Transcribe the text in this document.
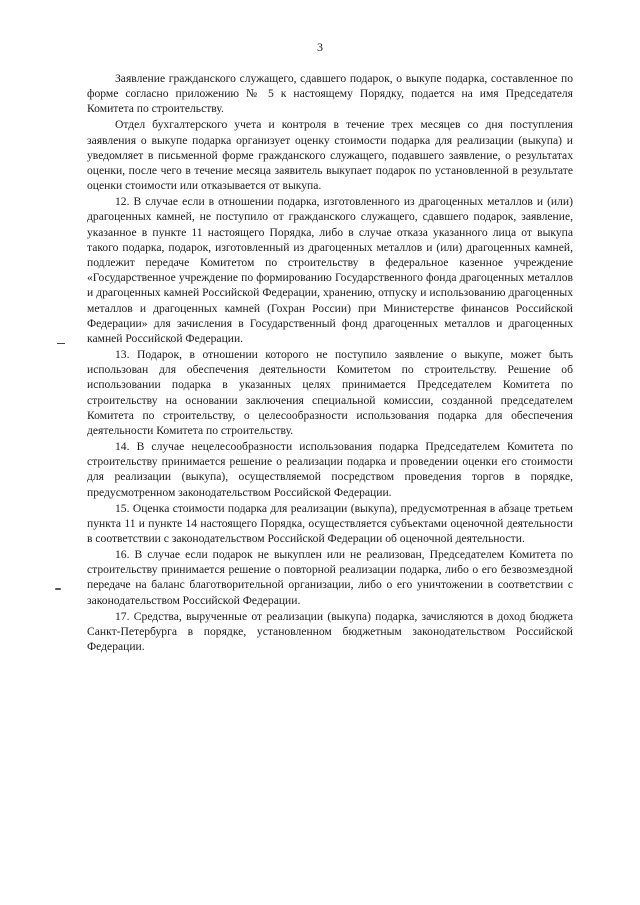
3

Заявление гражданского служащего, сдавшего подарок, о выкупе подарка, составленное по форме согласно приложению № 5 к настоящему Порядку, подается на имя Председателя Комитета по строительству.

Отдел бухгалтерского учета и контроля в течение трех месяцев со дня поступления заявления о выкупе подарка организует оценку стоимости подарка для реализации (выкупа) и уведомляет в письменной форме гражданского служащего, подавшего заявление, о результатах оценки, после чего в течение месяца заявитель выкупает подарок по установленной в результате оценки стоимости или отказывается от выкупа.

12. В случае если в отношении подарка, изготовленного из драгоценных металлов и (или) драгоценных камней, не поступило от гражданского служащего, сдавшего подарок, заявление, указанное в пункте 11 настоящего Порядка, либо в случае отказа указанного лица от выкупа такого подарка, подарок, изготовленный из драгоценных металлов и (или) драгоценных камней, подлежит передаче Комитетом по строительству в федеральное казенное учреждение «Государственное учреждение по формированию Государственного фонда драгоценных металлов и драгоценных камней Российской Федерации, хранению, отпуску и использованию драгоценных металлов и драгоценных камней (Гохран России) при Министерстве финансов Российской Федерации» для зачисления в Государственный фонд драгоценных металлов и драгоценных камней Российской Федерации.

13. Подарок, в отношении которого не поступило заявление о выкупе, может быть использован для обеспечения деятельности Комитетом по строительству. Решение об использовании подарка в указанных целях принимается Председателем Комитета по строительству на основании заключения специальной комиссии, созданной председателем Комитета по строительству, о целесообразности использования подарка для обеспечения деятельности Комитета по строительству.

14. В случае нецелесообразности использования подарка Председателем Комитета по строительству принимается решение о реализации подарка и проведении оценки его стоимости для реализации (выкупа), осуществляемой посредством проведения торгов в порядке, предусмотренном законодательством Российской Федерации.

15. Оценка стоимости подарка для реализации (выкупа), предусмотренная в абзаце третьем пункта 11 и пункте 14 настоящего Порядка, осуществляется субъектами оценочной деятельности в соответствии с законодательством Российской Федерации об оценочной деятельности.

16. В случае если подарок не выкуплен или не реализован, Председателем Комитета по строительству принимается решение о повторной реализации подарка, либо о его безвозмездной передаче на баланс благотворительной организации, либо о его уничтожении в соответствии с законодательством Российской Федерации.

17. Средства, вырученные от реализации (выкупа) подарка, зачисляются в доход бюджета Санкт-Петербурга в порядке, установленном бюджетным законодательством Российской Федерации.
